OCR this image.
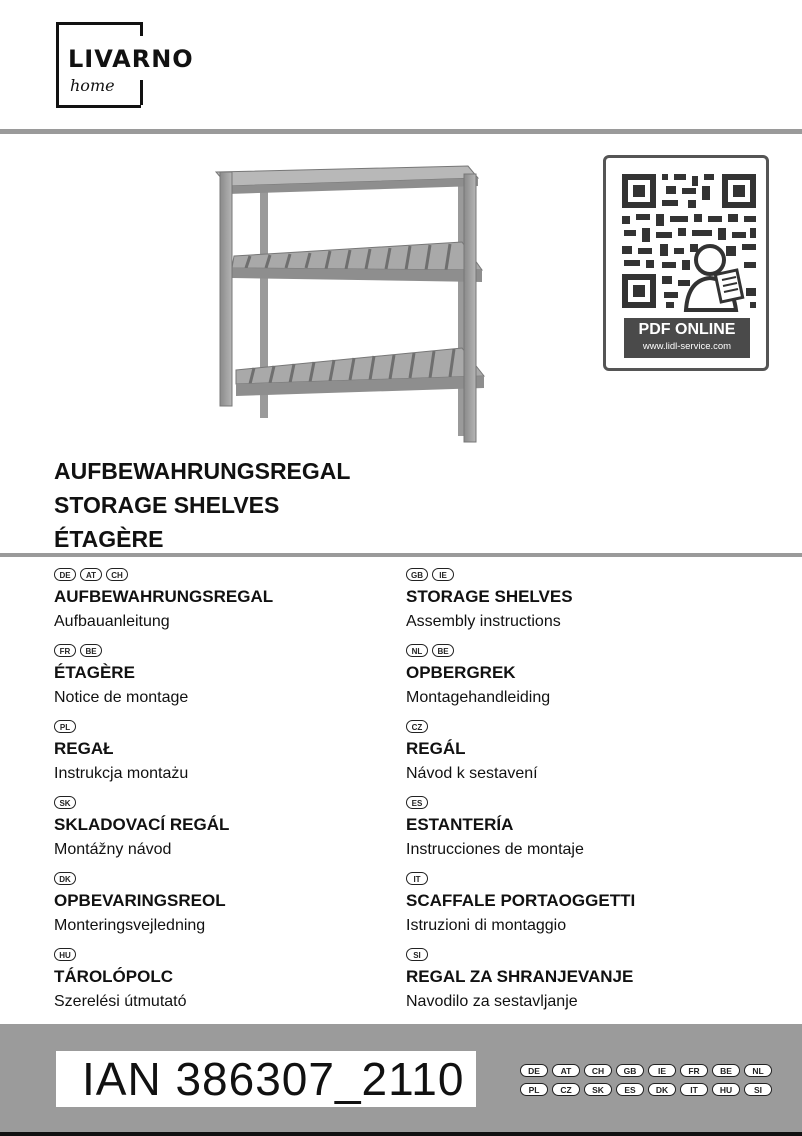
LIVARNO
home
PDF ONLINE
www.lidl-service.com
AUFBEWAHRUNGSREGAL
STORAGE SHELVES
ÉTAGÈRE
DE	AT	CH
AUFBEWAHRUNGSREGAL
Aufbauanleitung
FR	BE
ÉTAGÈRE
Notice de montage
PL
REGAŁ
Instrukcja montażu
SK
SKLADOVACÍ REGÁL
Montážny návod
DK
OPBEVARINGSREOL
Monteringsvejledning
HU
TÁROLÓPOLC
Szerelési útmutató
GB	IE
STORAGE SHELVES
Assembly instructions
NL	BE
OPBERGREK
Montagehandleiding
CZ
REGÁL
Návod k sestavení
ES
ESTANTERÍA
Instrucciones de montaje
IT
SCAFFALE PORTAOGGETTI
Istruzioni di montaggio
SI
REGAL ZA SHRANJEVANJE
Navodilo za sestavljanje
IAN 386307_2110	DE	AT	CH	GB	IE	FR	BE	NL
PL	CZ	SK	ES	DK	IT	HU	SI
